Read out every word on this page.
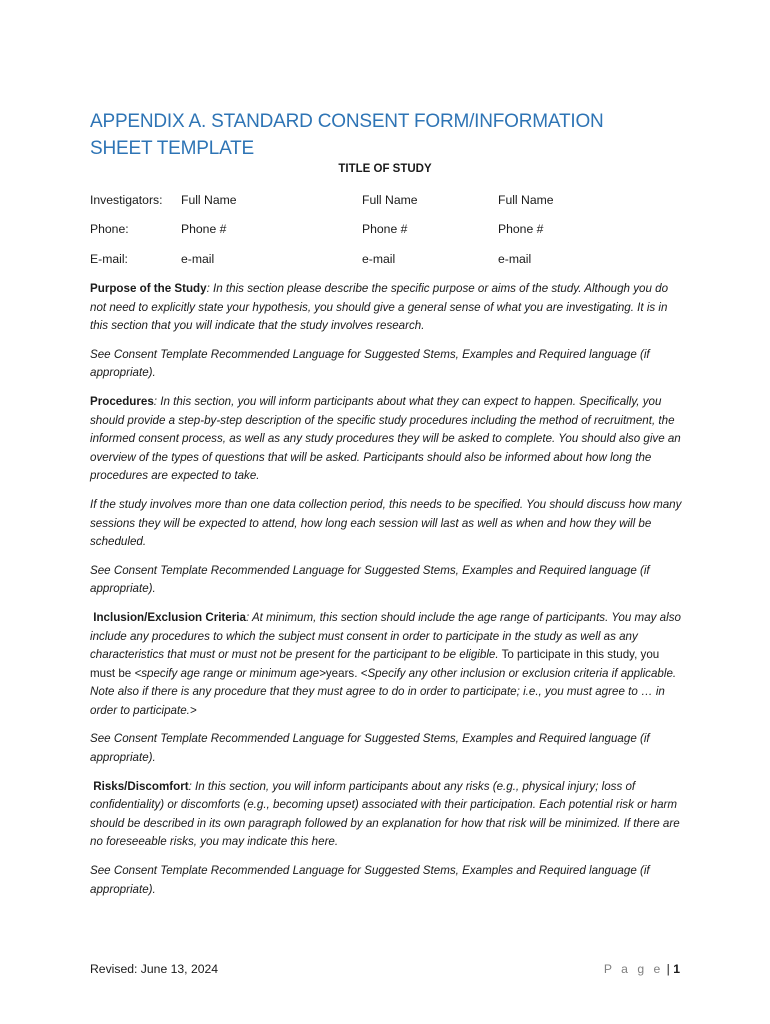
APPENDIX A. STANDARD CONSENT FORM/INFORMATION SHEET TEMPLATE
TITLE OF STUDY
Investigators: Full Name	Full Name	Full Name
Phone:	Phone #	Phone #	Phone #
E-mail:	e-mail	e-mail	e-mail

Purpose of the Study: In this section please describe the specific purpose or aims of the study. Although you do not need to explicitly state your hypothesis, you should give a general sense of what you are investigating. It is in this section that you will indicate that the study involves research.

See Consent Template Recommended Language for Suggested Stems, Examples and Required language (if appropriate).

Procedures: In this section, you will inform participants about what they can expect to happen. Specifically, you should provide a step-by-step description of the specific study procedures including the method of recruitment, the informed consent process, as well as any study procedures they will be asked to complete. You should also give an overview of the types of questions that will be asked. Participants should also be informed about how long the procedures are expected to take.

If the study involves more than one data collection period, this needs to be specified. You should discuss how many sessions they will be expected to attend, how long each session will last as well as when and how they will be scheduled.

See Consent Template Recommended Language for Suggested Stems, Examples and Required language (if appropriate).

Inclusion/Exclusion Criteria: At minimum, this section should include the age range of participants. You may also include any procedures to which the subject must consent in order to participate in the study as well as any characteristics that must or must not be present for the participant to be eligible. To participate in this study, you must be <specify age range or minimum age>years. <Specify any other inclusion or exclusion criteria if applicable. Note also if there is any procedure that they must agree to do in order to participate; i.e., you must agree to … in order to participate.>

See Consent Template Recommended Language for Suggested Stems, Examples and Required language (if appropriate).

Risks/Discomfort: In this section, you will inform participants about any risks (e.g., physical injury; loss of confidentiality) or discomforts (e.g., becoming upset) associated with their participation. Each potential risk or harm should be described in its own paragraph followed by an explanation for how that risk will be minimized. If there are no foreseeable risks, you may indicate this here.

See Consent Template Recommended Language for Suggested Stems, Examples and Required language (if appropriate).

Revised: June 13, 2024	P a g e | 1
